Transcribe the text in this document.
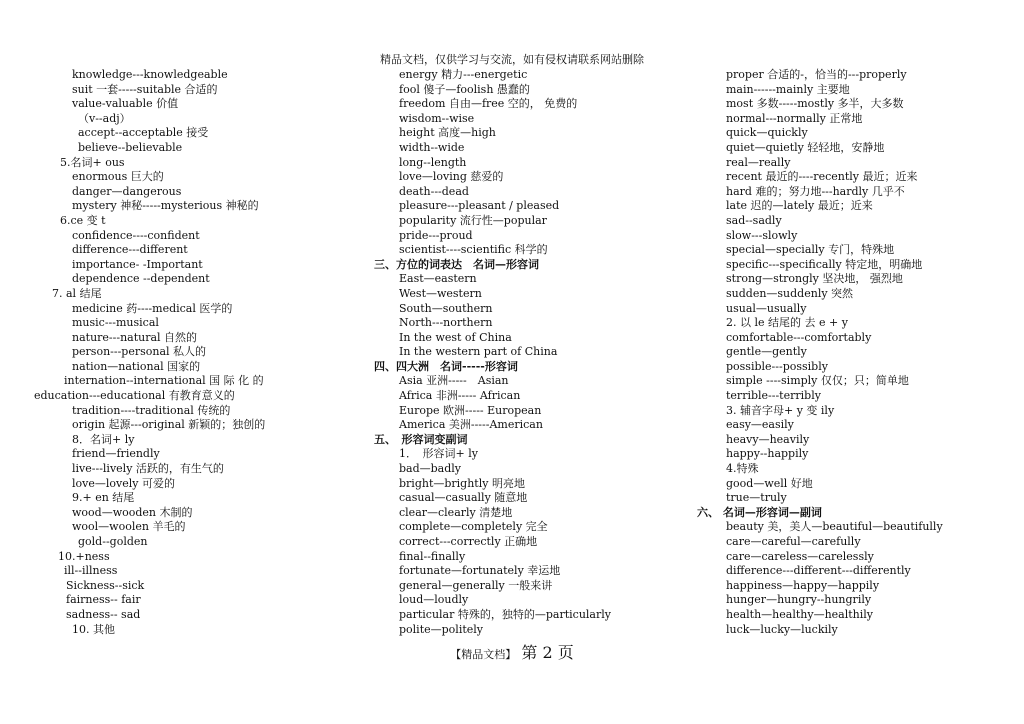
精品文档，仅供学习与交流，如有侵权请联系网站删除
knowledge---knowledgeable
suit 一套-----suitable 合适的
value-valuable 价值
（v--adj）
accept--acceptable 接受
believe--believable
5.名词+ ous
enormous 巨大的
danger—dangerous
mystery 神秘-----mysterious 神秘的
6.ce 变 t
confidence----confident
difference---different
importance- -Important
dependence --dependent
7. al 结尾
medicine 药----medical 医学的
music---musical
nature---natural 自然的
person---personal 私人的
nation—national 国家的
internation--international 国 际 化 的
education---educational 有教育意义的
tradition----traditional 传统的
origin 起源---original 新颖的；独创的
8．名词+ ly
friend—friendly
live---lively 活跃的，有生气的
love—lovely 可爱的
9.+ en 结尾
wood—wooden 木制的
wool—woolen 羊毛的
gold--golden
10.+ness
ill--illness
Sickness--sick
fairness-- fair
sadness-- sad
10. 其他
energy 精力---energetic
fool 傻子—foolish 愚蠢的
freedom 自由—free 空的， 免费的
wisdom--wise
height 高度—high
width--wide
long--length
love—loving 慈爱的
death---dead
pleasure---pleasant / pleased
popularity 流行性—popular
pride---proud
scientist----scientific 科学的
三、方位的词表达　名词—形容词
East—eastern
West—western
South—southern
North---northern
In the west of China
In the western part of China
四、四大洲　名词-----形容词
Asia 亚洲-----　Asian
Africa 非洲----- African
Europe 欧洲----- European
America 美洲-----American
五、　形容词变副词
1．　形容词+ ly
bad—badly
bright—brightly 明亮地
casual—casually 随意地
clear—clearly 清楚地
complete—completely 完全
correct---correctly 正确地
final--finally
fortunate—fortunately 幸运地
general—generally 一般来讲
loud—loudly
particular 特殊的，独特的—particularly
polite—politely
proper 合适的-，恰当的---properly
main------mainly 主要地
most 多数-----mostly 多半，大多数
normal---normally 正常地
quick—quickly
quiet—quietly 轻轻地，安静地
real—really
recent 最近的----recently 最近；近来
hard 难的；努力地---hardly 几乎不
late 迟的—lately 最近；近来
sad--sadly
slow---slowly
special—specially 专门，特殊地
specific---specifically 特定地，明确地
strong—strongly 坚决地， 强烈地
sudden—suddenly 突然
usual—usually
2. 以 le 结尾的 去 e + y
comfortable---comfortably
gentle—gently
possible---possibly
simple ----simply 仅仅；只；简单地
terrible---terribly
3. 辅音字母+ y 变 ily
easy—easily
heavy—heavily
happy--happily
4.特殊
good—well 好地
true—truly
六、 名词—形容词—副词
beauty 美，美人—beautiful—beautifully
care—careful—carefully
care—careless—carelessly
difference---different---differently
happiness—happy—happily
hunger—hungry--hungrily
health—healthy—healthily
luck—lucky—luckily
【精品文档】 第 2 页
